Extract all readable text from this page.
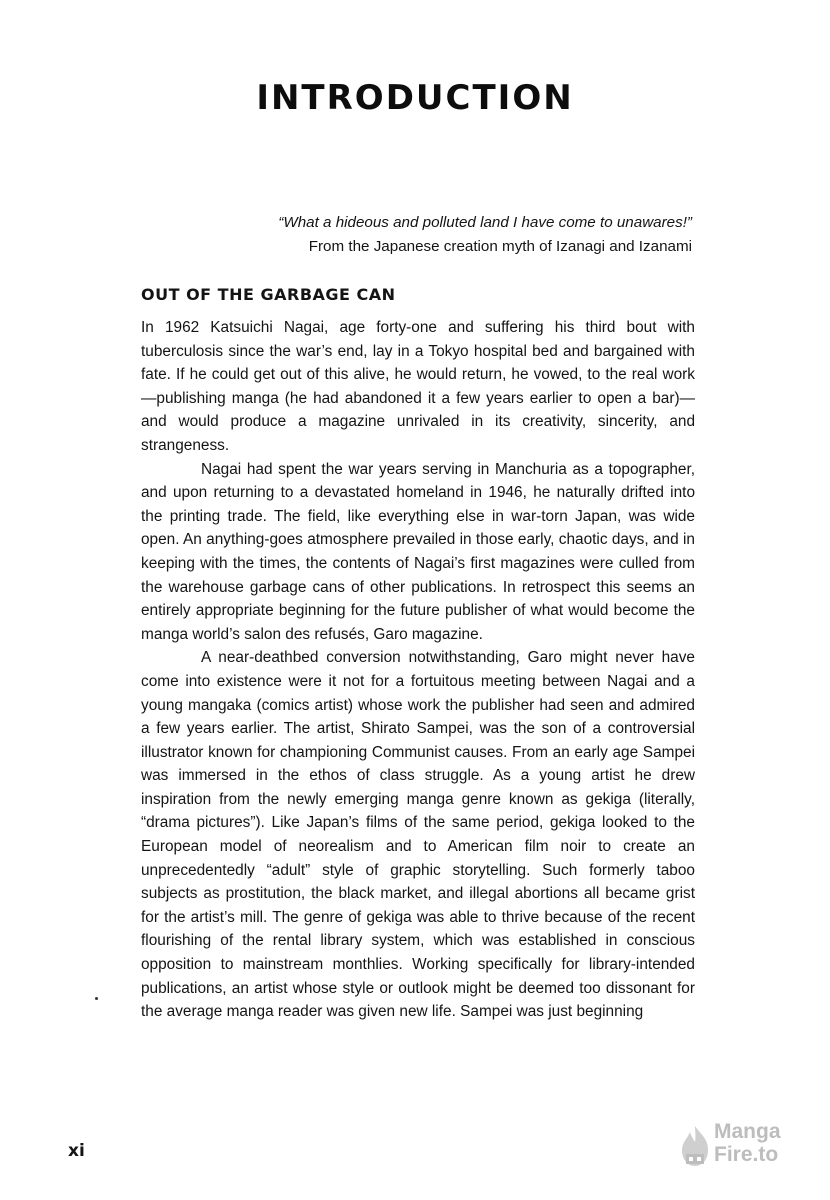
INTRODUCTION
“What a hideous and polluted land I have come to unawares!”
From the Japanese creation myth of Izanagi and Izanami
OUT OF THE GARBAGE CAN

In 1962 Katsuichi Nagai, age forty-one and suffering his third bout with tuberculosis since the war’s end, lay in a Tokyo hospital bed and bargained with fate. If he could get out of this alive, he would return, he vowed, to the real work—publishing manga (he had abandoned it a few years earlier to open a bar)—and would produce a magazine unrivaled in its creativity, sincerity, and strangeness.

Nagai had spent the war years serving in Manchuria as a topographer, and upon returning to a devastated homeland in 1946, he naturally drifted into the printing trade. The field, like everything else in war-torn Japan, was wide open. An anything-goes atmosphere prevailed in those early, chaotic days, and in keeping with the times, the contents of Nagai’s first magazines were culled from the warehouse garbage cans of other publications. In retrospect this seems an entirely appropriate beginning for the future publisher of what would become the manga world’s salon des refusés, Garo magazine.

A near-deathbed conversion notwithstanding, Garo might never have come into existence were it not for a fortuitous meeting between Nagai and a young mangaka (comics artist) whose work the publisher had seen and admired a few years earlier. The artist, Shirato Sampei, was the son of a controversial illustrator known for championing Communist causes. From an early age Sampei was immersed in the ethos of class struggle. As a young artist he drew inspiration from the newly emerging manga genre known as gekiga (literally, “drama pictures”). Like Japan’s films of the same period, gekiga looked to the European model of neorealism and to American film noir to create an unprecedentedly “adult” style of graphic storytelling. Such formerly taboo subjects as prostitution, the black market, and illegal abortions all became grist for the artist’s mill. The genre of gekiga was able to thrive because of the recent flourishing of the rental library system, which was established in conscious opposition to mainstream monthlies. Working specifically for library-intended publications, an artist whose style or outlook might be deemed too dissonant for the average manga reader was given new life. Sampei was just beginning

xi
Manga
Fire.to
